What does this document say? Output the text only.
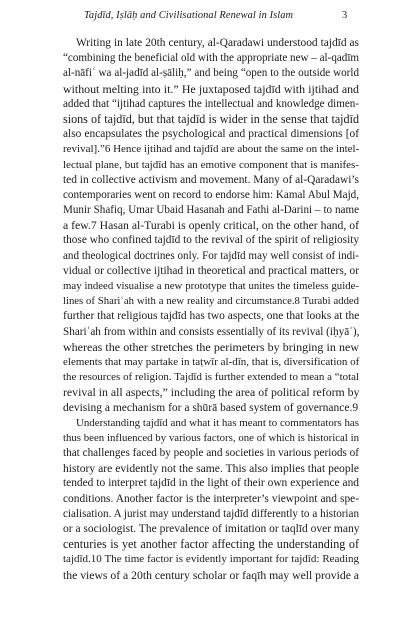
Tajdīd, Iṣlāḥ and Civilisational Renewal in Islam	3
Writing in late 20th century, al-Qaradawi understood tajdīd as
“combining the beneficial old with the appropriate new – al-qadīm
al-nāfiʿ wa al-jadīd al-ṣāliḥ,” and being “open to the outside world
without melting into it.” He juxtaposed tajdīd with ijtihad and
added that “ijtihad captures the intellectual and knowledge dimen-
sions of tajdīd, but that tajdīd is wider in the sense that tajdīd
also encapsulates the psychological and practical dimensions [of
revival].”6 Hence ijtihad and tajdīd are about the same on the intel-
lectual plane, but tajdīd has an emotive component that is manifes-
ted in collective activism and movement. Many of al-Qaradawi’s
contemporaries went on record to endorse him: Kamal Abul Majd,
Munir Shafiq, Umar Ubaid Hasanah and Fathi al-Darini – to name
a few.7 Hasan al-Turabi is openly critical, on the other hand, of
those who confined tajdīd to the revival of the spirit of religiosity
and theological doctrines only. For tajdīd may well consist of indi-
vidual or collective ijtihad in theoretical and practical matters, or
may indeed visualise a new prototype that unites the timeless guide-
lines of Shariʿah with a new reality and circumstance.8 Turabi added
further that religious tajdīd has two aspects, one that looks at the
Shariʿah from within and consists essentially of its revival (iḥyāʾ),
whereas the other stretches the perimeters by bringing in new
elements that may partake in taṭwīr al-dīn, that is, diversification of
the resources of religion. Tajdīd is further extended to mean a “total
revival in all aspects,” including the area of political reform by
devising a mechanism for a shūrā based system of governance.9
Understanding tajdīd and what it has meant to commentators has
thus been influenced by various factors, one of which is historical in
that challenges faced by people and societies in various periods of
history are evidently not the same. This also implies that people
tended to interpret tajdīd in the light of their own experience and
conditions. Another factor is the interpreter’s viewpoint and spe-
cialisation. A jurist may understand tajdīd differently to a historian
or a sociologist. The prevalence of imitation or taqlīd over many
centuries is yet another factor affecting the understanding of
tajdīd.10 The time factor is evidently important for tajdīd: Reading
the views of a 20th century scholar or faqīh may well provide a
